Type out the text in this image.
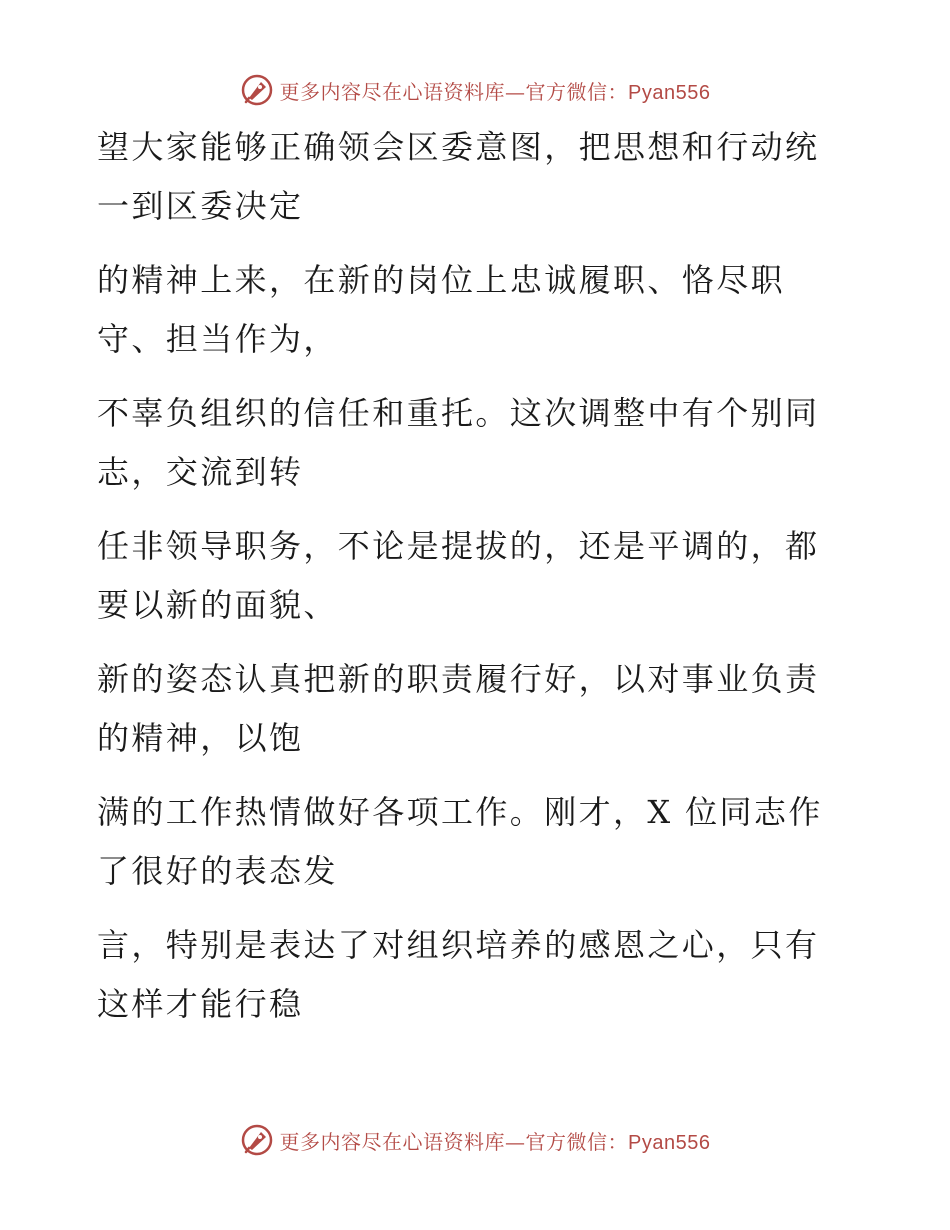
更多内容尽在心语资料库—官方微信：Pyan556

望大家能够正确领会区委意图，把思想和行动统
一到区委决定

的精神上来，在新的岗位上忠诚履职、恪尽职
守、担当作为，

不辜负组织的信任和重托。这次调整中有个别同
志，交流到转

任非领导职务，不论是提拔的，还是平调的，都
要以新的面貌、

新的姿态认真把新的职责履行好，以对事业负责
的精神，以饱

满的工作热情做好各项工作。刚才，X 位同志作
了很好的表态发

言，特别是表达了对组织培养的感恩之心，只有
这样才能行稳

更多内容尽在心语资料库—官方微信：Pyan556
